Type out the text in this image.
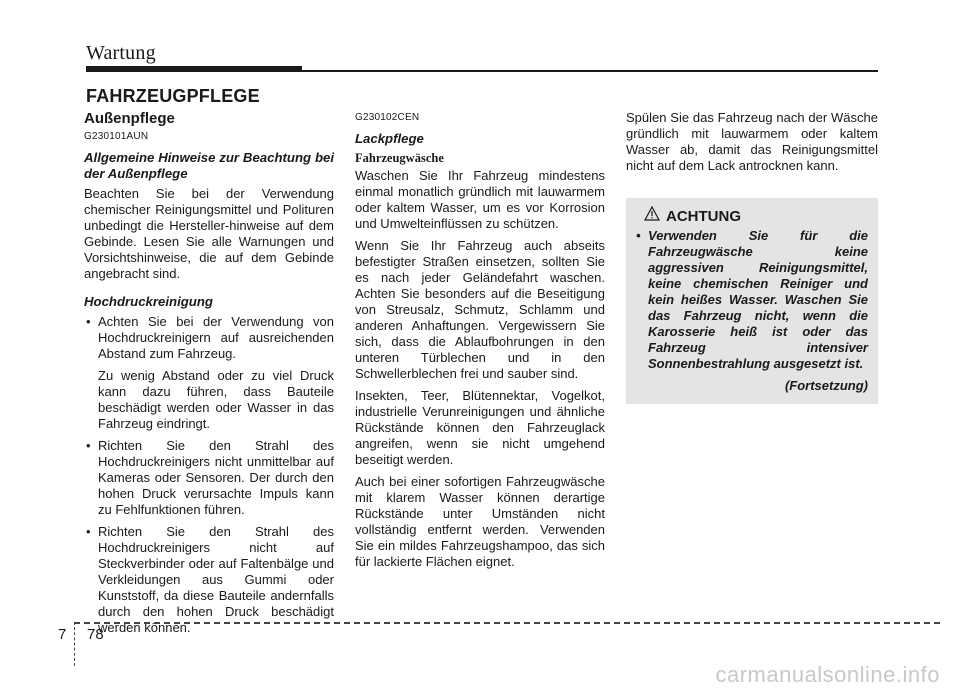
Wartung
FAHRZEUGPFLEGE
Außenpflege
G230101AUN
Allgemeine Hinweise zur Beachtung bei der Außenpflege

Beachten Sie bei der Verwendung chemischer Reinigungsmittel und Polituren unbedingt die Hersteller-hinweise auf dem Gebinde. Lesen Sie alle Warnungen und Vorsichtshinweise, die auf dem Gebinde angebracht sind.

Hochdruckreinigung
• Achten Sie bei der Verwendung von Hochdruckreinigern auf ausreichenden Abstand zum Fahrzeug.

Zu wenig Abstand oder zu viel Druck kann dazu führen, dass Bauteile beschädigt werden oder Wasser in das Fahrzeug eindringt.

• Richten Sie den Strahl des Hochdruckreinigers nicht unmittelbar auf Kameras oder Sensoren. Der durch den hohen Druck verursachte Impuls kann zu Fehlfunktionen führen.
• Richten Sie den Strahl des Hochdruckreinigers nicht auf Steckverbinder oder auf Faltenbälge und Verkleidungen aus Gummi oder Kunststoff, da diese Bauteile andernfalls durch den hohen Druck beschädigt werden können.
G230102CEN
Lackpflege
Fahrzeugwäsche

Waschen Sie Ihr Fahrzeug mindestens einmal monatlich gründlich mit lauwarmem oder kaltem Wasser, um es vor Korrosion und Umwelteinflüssen zu schützen.

Wenn Sie Ihr Fahrzeug auch abseits befestigter Straßen einsetzen, sollten Sie es nach jeder Geländefahrt waschen. Achten Sie besonders auf die Beseitigung von Streusalz, Schmutz, Schlamm und anderen Anhaftungen. Vergewissern Sie sich, dass die Ablaufbohrungen in den unteren Türblechen und in den Schwellerblechen frei und sauber sind.

Insekten, Teer, Blütennektar, Vogelkot, industrielle Verunreinigungen und ähnliche Rückstände können den Fahrzeuglack angreifen, wenn sie nicht umgehend beseitigt werden.

Auch bei einer sofortigen Fahrzeugwäsche mit klarem Wasser können derartige Rückstände unter Umständen nicht vollständig entfernt werden. Verwenden Sie ein mildes Fahrzeugshampoo, das sich für lackierte Flächen eignet.

Spülen Sie das Fahrzeug nach der Wäsche gründlich mit lauwarmem oder kaltem Wasser ab, damit das Reinigungsmittel nicht auf dem Lack antrocknen kann.

ACHTUNG
• Verwenden Sie für die Fahrzeugwäsche keine aggressiven Reinigungsmittel, keine chemischen Reiniger und kein heißes Wasser. Waschen Sie das Fahrzeug nicht, wenn die Karosserie heiß ist oder das Fahrzeug intensiver Sonnenbestrahlung ausgesetzt ist.
(Fortsetzung)
7 78
carmanualsonline.info
